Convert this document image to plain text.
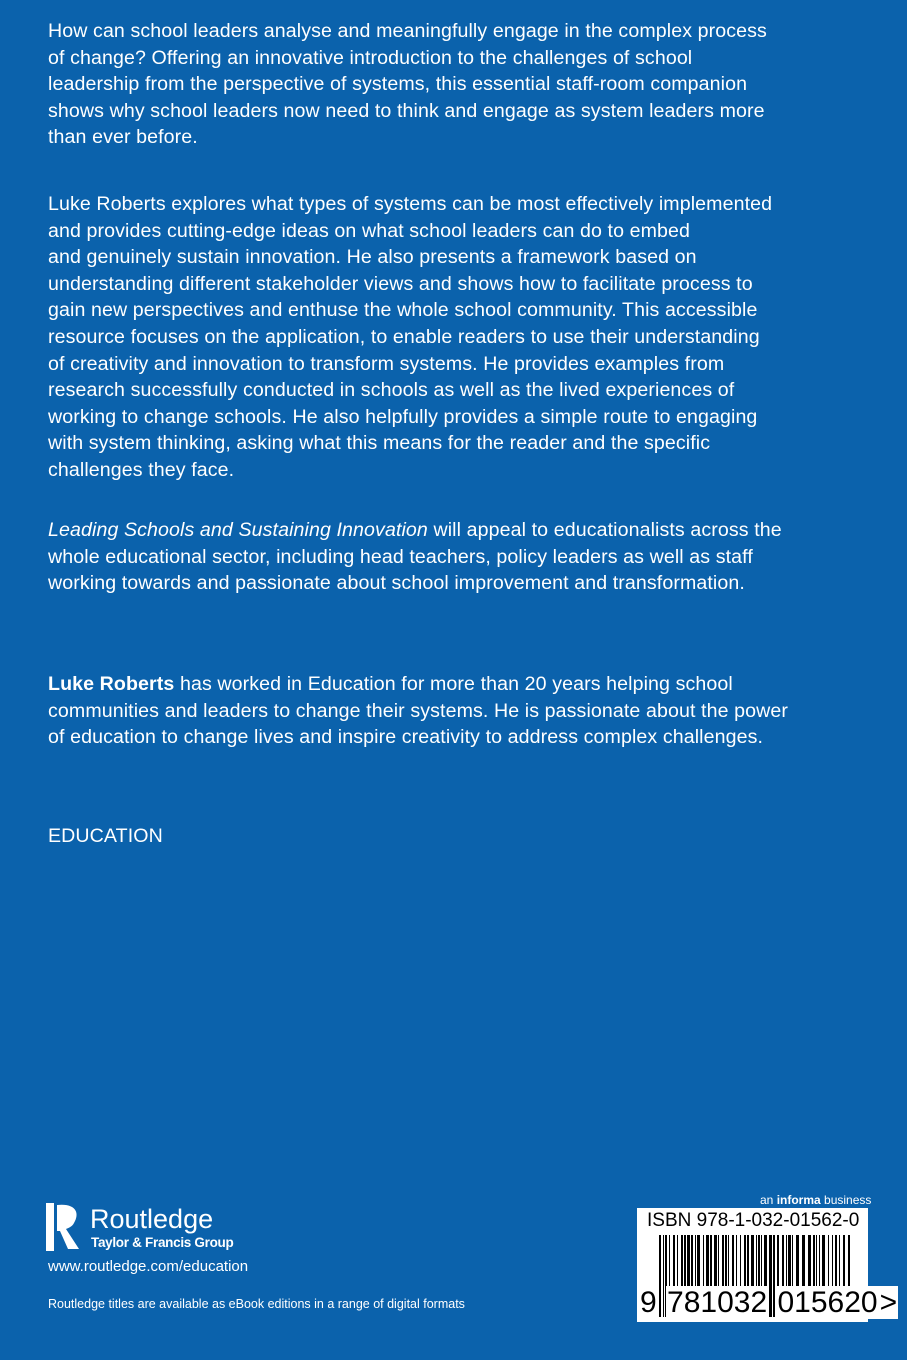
How can school leaders analyse and meaningfully engage in the complex process
of change? Offering an innovative introduction to the challenges of school
leadership from the perspective of systems, this essential staff-room companion
shows why school leaders now need to think and engage as system leaders more
than ever before.
Luke Roberts explores what types of systems can be most effectively implemented
and provides cutting-edge ideas on what school leaders can do to embed
and genuinely sustain innovation. He also presents a framework based on
understanding different stakeholder views and shows how to facilitate process to
gain new perspectives and enthuse the whole school community. This accessible
resource focuses on the application, to enable readers to use their understanding
of creativity and innovation to transform systems. He provides examples from
research successfully conducted in schools as well as the lived experiences of
working to change schools. He also helpfully provides a simple route to engaging
with system thinking, asking what this means for the reader and the specific
challenges they face.
Leading Schools and Sustaining Innovation will appeal to educationalists across the
whole educational sector, including head teachers, policy leaders as well as staff
working towards and passionate about school improvement and transformation.
Luke Roberts has worked in Education for more than 20 years helping school
communities and leaders to change their systems. He is passionate about the power
of education to change lives and inspire creativity to address complex challenges.
EDUCATION
Routledge
Taylor & Francis Group
www.routledge.com/education
Routledge titles are available as eBook editions in a range of digital formats
an informa business
ISBN 978-1-032-01562-0
9 781032 015620>
